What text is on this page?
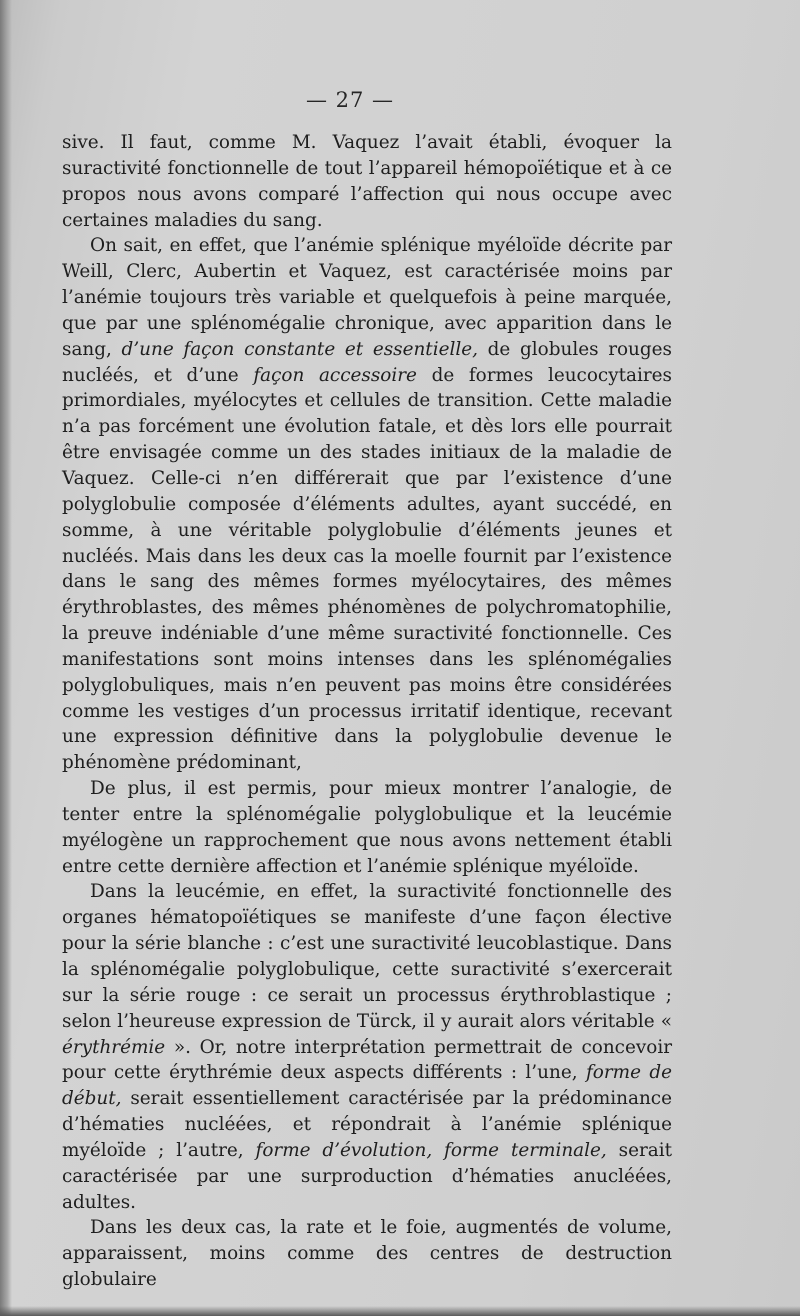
— 27 —

sive. Il faut, comme M. Vaquez l’avait établi, évoquer la suractivité fonctionnelle de tout l’appareil hémopoïétique et à ce propos nous avons comparé l’affection qui nous occupe avec certaines maladies du sang.

On sait, en effet, que l’anémie splénique myéloïde décrite par Weill, Clerc, Aubertin et Vaquez, est caractérisée moins par l’anémie toujours très variable et quelquefois à peine marquée, que par une splénomégalie chronique, avec apparition dans le sang, d’une façon constante et essentielle, de globules rouges nucléés, et d’une façon accessoire de formes leucocytaires primordiales, myélocytes et cellules de transition. Cette maladie n’a pas forcément une évolution fatale, et dès lors elle pourrait être envisagée comme un des stades initiaux de la maladie de Vaquez. Celle-ci n’en différerait que par l’existence d’une polyglobulie composée d’éléments adultes, ayant succédé, en somme, à une véritable polyglobulie d’éléments jeunes et nucléés. Mais dans les deux cas la moelle fournit par l’existence dans le sang des mêmes formes myélocytaires, des mêmes érythroblastes, des mêmes phénomènes de polychromatophilie, la preuve indéniable d’une même suractivité fonctionnelle. Ces manifestations sont moins intenses dans les splénomégalies polyglobuliques, mais n’en peuvent pas moins être considérées comme les vestiges d’un processus irritatif identique, recevant une expression définitive dans la polyglobulie devenue le phénomène prédominant,

De plus, il est permis, pour mieux montrer l’analogie, de tenter entre la splénomégalie polyglobulique et la leucémie myélogène un rapprochement que nous avons nettement établi entre cette dernière affection et l’anémie splénique myéloïde.

Dans la leucémie, en effet, la suractivité fonctionnelle des organes hématopoïétiques se manifeste d’une façon élective pour la série blanche : c’est une suractivité leucoblastique. Dans la splénomégalie polyglobulique, cette suractivité s’exercerait sur la série rouge : ce serait un processus érythroblastique ; selon l’heureuse expression de Türck, il y aurait alors véritable « érythrémie ». Or, notre interprétation permettrait de concevoir pour cette érythrémie deux aspects différents : l’une, forme de début, serait essentiellement caractérisée par la prédominance d’hématies nucléées, et répondrait à l’anémie splénique myéloïde ; l’autre, forme d’évolution, forme terminale, serait caractérisée par une surproduction d’hématies anucléées, adultes.

Dans les deux cas, la rate et le foie, augmentés de volume, apparaissent, moins comme des centres de destruction globulaire
